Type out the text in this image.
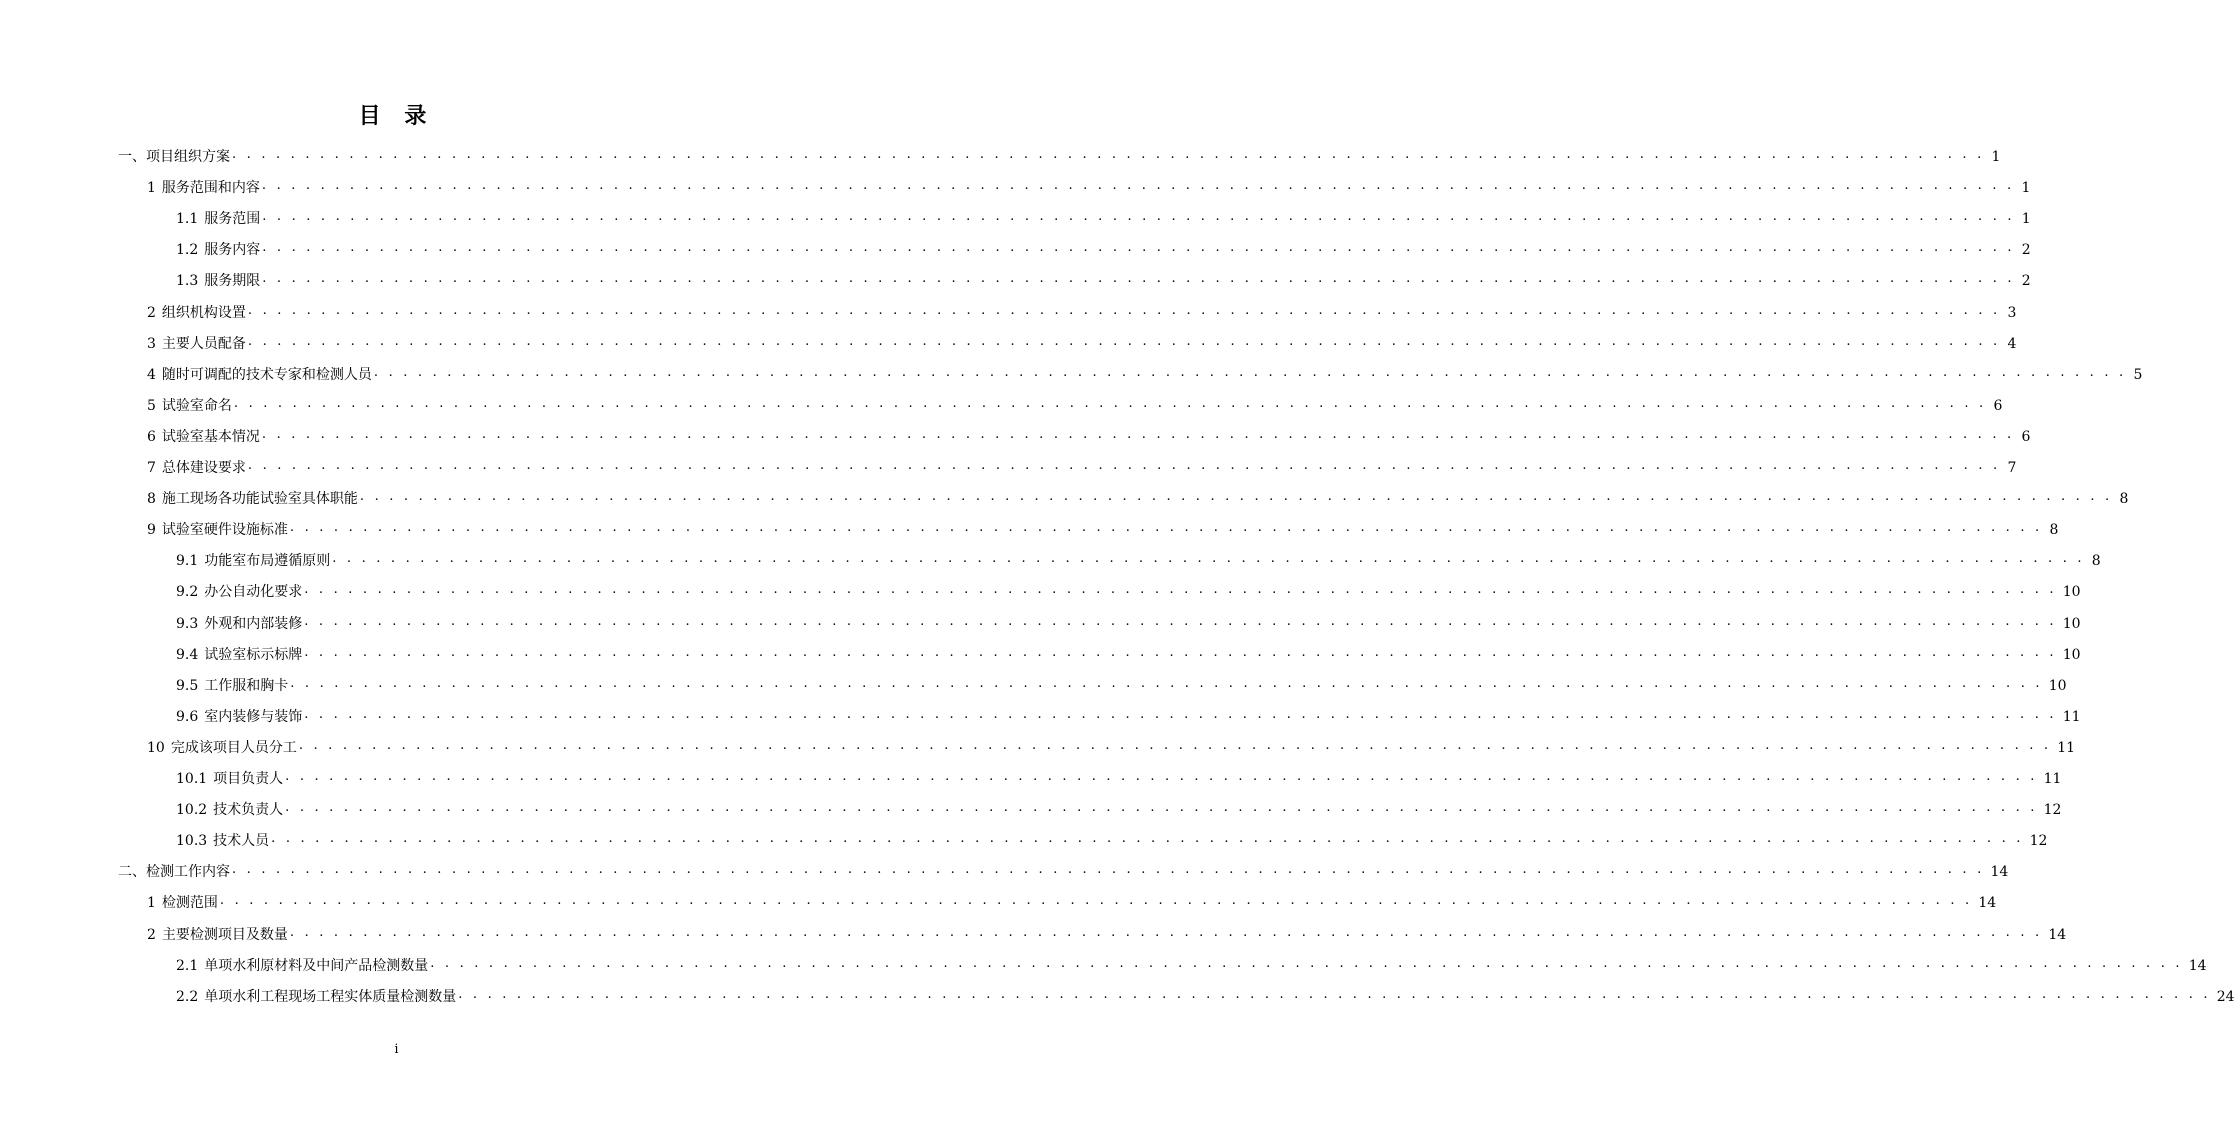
目 录
一、项目组织方案 . . . . . . . . . . . . . . . . . . . . . . . . . . . . . . . . . . . . . . . . . . . . . . . . . . . . . . . . . . . . . . . . . . . . . . . . . . . . . . . . . . . . . . . . . . . . . . . . . . . . . . . . . . . . . . . . . . . . . . . . 1
1 服务范围和内容 . . . . . . . . . . . . . . . . . . . . . . . . . . . . . . . . . . . . . . . . . . . . . . . . . . . . . . . . . . . . . . . . . . . . . . . . . . . . . . . . . . . . . . . . . . . . . . . . . . . . . . . . . . . . . . . . . . . . . . . . 1
1.1 服务范围 . . . . . . . . . . . . . . . . . . . . . . . . . . . . . . . . . . . . . . . . . . . . . . . . . . . . . . . . . . . . . . . . . . . . . . . . . . . . . . . . . . . . . . . . . . . . . . . . . . . . . . . . . . . . . . . . . . . . . . . . 1
1.2 服务内容 . . . . . . . . . . . . . . . . . . . . . . . . . . . . . . . . . . . . . . . . . . . . . . . . . . . . . . . . . . . . . . . . . . . . . . . . . . . . . . . . . . . . . . . . . . . . . . . . . . . . . . . . . . . . . . . . . . . . . . . . 2
1.3 服务期限 . . . . . . . . . . . . . . . . . . . . . . . . . . . . . . . . . . . . . . . . . . . . . . . . . . . . . . . . . . . . . . . . . . . . . . . . . . . . . . . . . . . . . . . . . . . . . . . . . . . . . . . . . . . . . . . . . . . . . . . . 2
2 组织机构设置 . . . . . . . . . . . . . . . . . . . . . . . . . . . . . . . . . . . . . . . . . . . . . . . . . . . . . . . . . . . . . . . . . . . . . . . . . . . . . . . . . . . . . . . . . . . . . . . . . . . . . . . . . . . . . . . . . . . . . . . . 3
3 主要人员配备 . . . . . . . . . . . . . . . . . . . . . . . . . . . . . . . . . . . . . . . . . . . . . . . . . . . . . . . . . . . . . . . . . . . . . . . . . . . . . . . . . . . . . . . . . . . . . . . . . . . . . . . . . . . . . . . . . . . . . . . . 4
4 随时可调配的技术专家和检测人员 . . . . . . . . . . . . . . . . . . . . . . . . . . . . . . . . . . . . . . . . . . . . . . . . . . . . . . . . . . . . . . . . . . . . . . . . . . . . . . . . . . . . . . . . . . . . . . . . . . . . . . . . . . . . . . . . . . . . . . . . 5
5 试验室命名 . . . . . . . . . . . . . . . . . . . . . . . . . . . . . . . . . . . . . . . . . . . . . . . . . . . . . . . . . . . . . . . . . . . . . . . . . . . . . . . . . . . . . . . . . . . . . . . . . . . . . . . . . . . . . . . . . . . . . . . . 6
6 试验室基本情况 . . . . . . . . . . . . . . . . . . . . . . . . . . . . . . . . . . . . . . . . . . . . . . . . . . . . . . . . . . . . . . . . . . . . . . . . . . . . . . . . . . . . . . . . . . . . . . . . . . . . . . . . . . . . . . . . . . . . . . . . 6
7 总体建设要求 . . . . . . . . . . . . . . . . . . . . . . . . . . . . . . . . . . . . . . . . . . . . . . . . . . . . . . . . . . . . . . . . . . . . . . . . . . . . . . . . . . . . . . . . . . . . . . . . . . . . . . . . . . . . . . . . . . . . . . . . 7
8 施工现场各功能试验室具体职能 . . . . . . . . . . . . . . . . . . . . . . . . . . . . . . . . . . . . . . . . . . . . . . . . . . . . . . . . . . . . . . . . . . . . . . . . . . . . . . . . . . . . . . . . . . . . . . . . . . . . . . . . . . . . . . . . . . . . . . . . 8
9 试验室硬件设施标准 . . . . . . . . . . . . . . . . . . . . . . . . . . . . . . . . . . . . . . . . . . . . . . . . . . . . . . . . . . . . . . . . . . . . . . . . . . . . . . . . . . . . . . . . . . . . . . . . . . . . . . . . . . . . . . . . . . . . . . . . 8
9.1 功能室布局遵循原则 . . . . . . . . . . . . . . . . . . . . . . . . . . . . . . . . . . . . . . . . . . . . . . . . . . . . . . . . . . . . . . . . . . . . . . . . . . . . . . . . . . . . . . . . . . . . . . . . . . . . . . . . . . . . . . . . . . . . . . . . 8
9.2 办公自动化要求 . . . . . . . . . . . . . . . . . . . . . . . . . . . . . . . . . . . . . . . . . . . . . . . . . . . . . . . . . . . . . . . . . . . . . . . . . . . . . . . . . . . . . . . . . . . . . . . . . . . . . . . . . . . . . . . . . . . . . . . . 10
9.3 外观和内部装修 . . . . . . . . . . . . . . . . . . . . . . . . . . . . . . . . . . . . . . . . . . . . . . . . . . . . . . . . . . . . . . . . . . . . . . . . . . . . . . . . . . . . . . . . . . . . . . . . . . . . . . . . . . . . . . . . . . . . . . . . 10
9.4 试验室标示标牌 . . . . . . . . . . . . . . . . . . . . . . . . . . . . . . . . . . . . . . . . . . . . . . . . . . . . . . . . . . . . . . . . . . . . . . . . . . . . . . . . . . . . . . . . . . . . . . . . . . . . . . . . . . . . . . . . . . . . . . . . 10
9.5 工作服和胸卡 . . . . . . . . . . . . . . . . . . . . . . . . . . . . . . . . . . . . . . . . . . . . . . . . . . . . . . . . . . . . . . . . . . . . . . . . . . . . . . . . . . . . . . . . . . . . . . . . . . . . . . . . . . . . . . . . . . . . . . . . 10
9.6 室内装修与装饰 . . . . . . . . . . . . . . . . . . . . . . . . . . . . . . . . . . . . . . . . . . . . . . . . . . . . . . . . . . . . . . . . . . . . . . . . . . . . . . . . . . . . . . . . . . . . . . . . . . . . . . . . . . . . . . . . . . . . . . . . 11
10 完成该项目人员分工 . . . . . . . . . . . . . . . . . . . . . . . . . . . . . . . . . . . . . . . . . . . . . . . . . . . . . . . . . . . . . . . . . . . . . . . . . . . . . . . . . . . . . . . . . . . . . . . . . . . . . . . . . . . . . . . . . . . . . . . . 11
10.1 项目负责人 . . . . . . . . . . . . . . . . . . . . . . . . . . . . . . . . . . . . . . . . . . . . . . . . . . . . . . . . . . . . . . . . . . . . . . . . . . . . . . . . . . . . . . . . . . . . . . . . . . . . . . . . . . . . . . . . . . . . . . . . 11
10.2 技术负责人 . . . . . . . . . . . . . . . . . . . . . . . . . . . . . . . . . . . . . . . . . . . . . . . . . . . . . . . . . . . . . . . . . . . . . . . . . . . . . . . . . . . . . . . . . . . . . . . . . . . . . . . . . . . . . . . . . . . . . . . . 12
10.3 技术人员 . . . . . . . . . . . . . . . . . . . . . . . . . . . . . . . . . . . . . . . . . . . . . . . . . . . . . . . . . . . . . . . . . . . . . . . . . . . . . . . . . . . . . . . . . . . . . . . . . . . . . . . . . . . . . . . . . . . . . . . . 12
二、检测工作内容 . . . . . . . . . . . . . . . . . . . . . . . . . . . . . . . . . . . . . . . . . . . . . . . . . . . . . . . . . . . . . . . . . . . . . . . . . . . . . . . . . . . . . . . . . . . . . . . . . . . . . . . . . . . . . . . . . . . . . . . . 14
1 检测范围 . . . . . . . . . . . . . . . . . . . . . . . . . . . . . . . . . . . . . . . . . . . . . . . . . . . . . . . . . . . . . . . . . . . . . . . . . . . . . . . . . . . . . . . . . . . . . . . . . . . . . . . . . . . . . . . . . . . . . . . . 14
2 主要检测项目及数量 . . . . . . . . . . . . . . . . . . . . . . . . . . . . . . . . . . . . . . . . . . . . . . . . . . . . . . . . . . . . . . . . . . . . . . . . . . . . . . . . . . . . . . . . . . . . . . . . . . . . . . . . . . . . . . . . . . . . . . . . 14
2.1 单项水利原材料及中间产品检测数量 . . . . . . . . . . . . . . . . . . . . . . . . . . . . . . . . . . . . . . . . . . . . . . . . . . . . . . . . . . . . . . . . . . . . . . . . . . . . . . . . . . . . . . . . . . . . . . . . . . . . . . . . . . . . . . . . . . . . . . . . 14
2.2 单项水利工程现场工程实体质量检测数量 . . . . . . . . . . . . . . . . . . . . . . . . . . . . . . . . . . . . . . . . . . . . . . . . . . . . . . . . . . . . . . . . . . . . . . . . . . . . . . . . . . . . . . . . . . . . . . . . . . . . . . . . . . . . . . . . . . . . . . . . 24
i
